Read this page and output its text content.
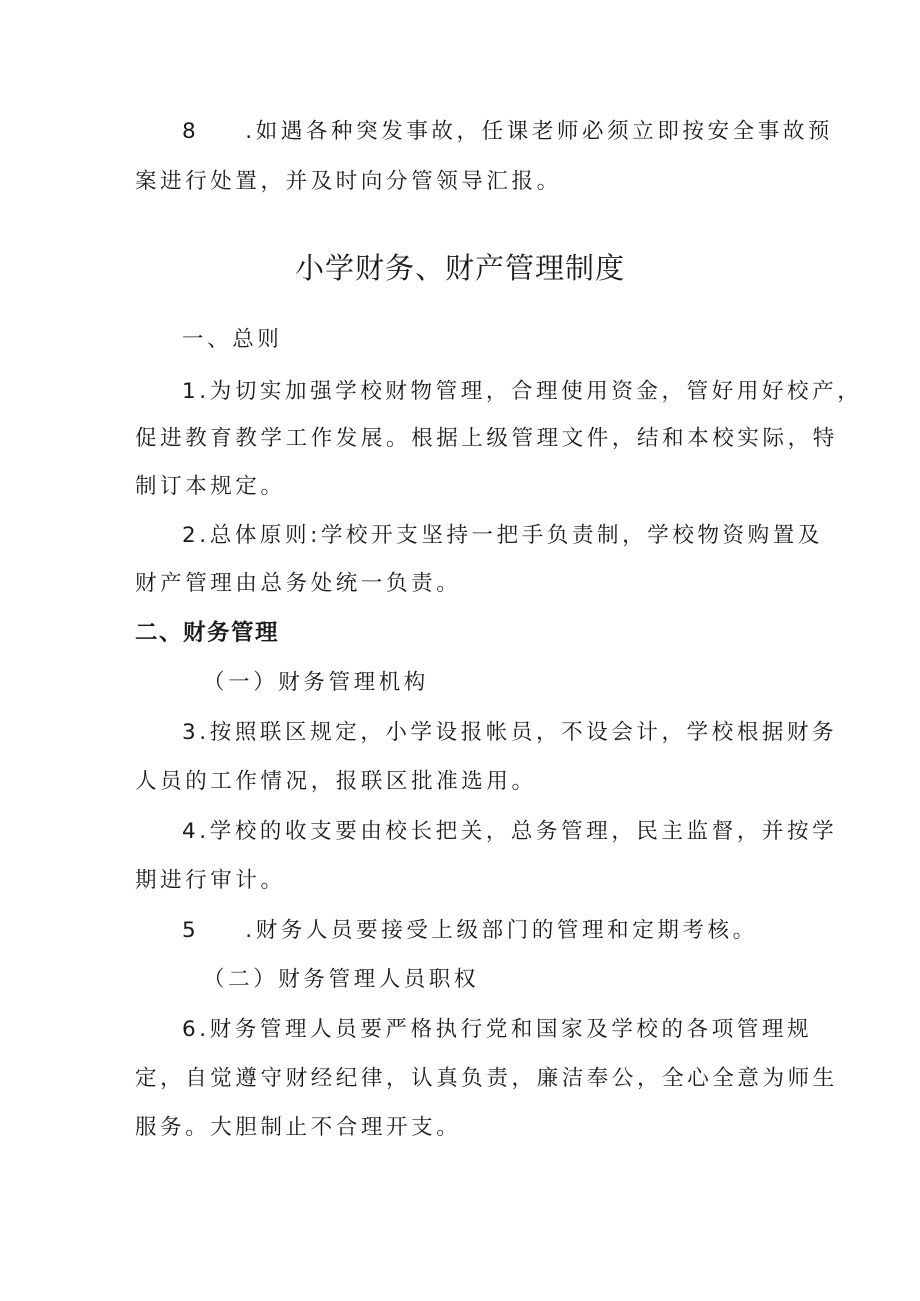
8 .如遇各种突发事故，任课老师必须立即按安全事故预
案进行处置，并及时向分管领导汇报。
小学财务、财产管理制度
一、总则
1.为切实加强学校财物管理，合理使用资金，管好用好校产，
促进教育教学工作发展。根据上级管理文件，结和本校实际，特
制订本规定。
2.总体原则:学校开支坚持一把手负责制，学校物资购置及
财产管理由总务处统一负责。
二、财务管理
（一）财务管理机构
3.按照联区规定，小学设报帐员，不设会计，学校根据财务
人员的工作情况，报联区批准选用。
4.学校的收支要由校长把关，总务管理，民主监督，并按学
期进行审计。
5 .财务人员要接受上级部门的管理和定期考核。
（二）财务管理人员职权
6.财务管理人员要严格执行党和国家及学校的各项管理规
定，自觉遵守财经纪律，认真负责，廉洁奉公，全心全意为师生
服务。大胆制止不合理开支。
